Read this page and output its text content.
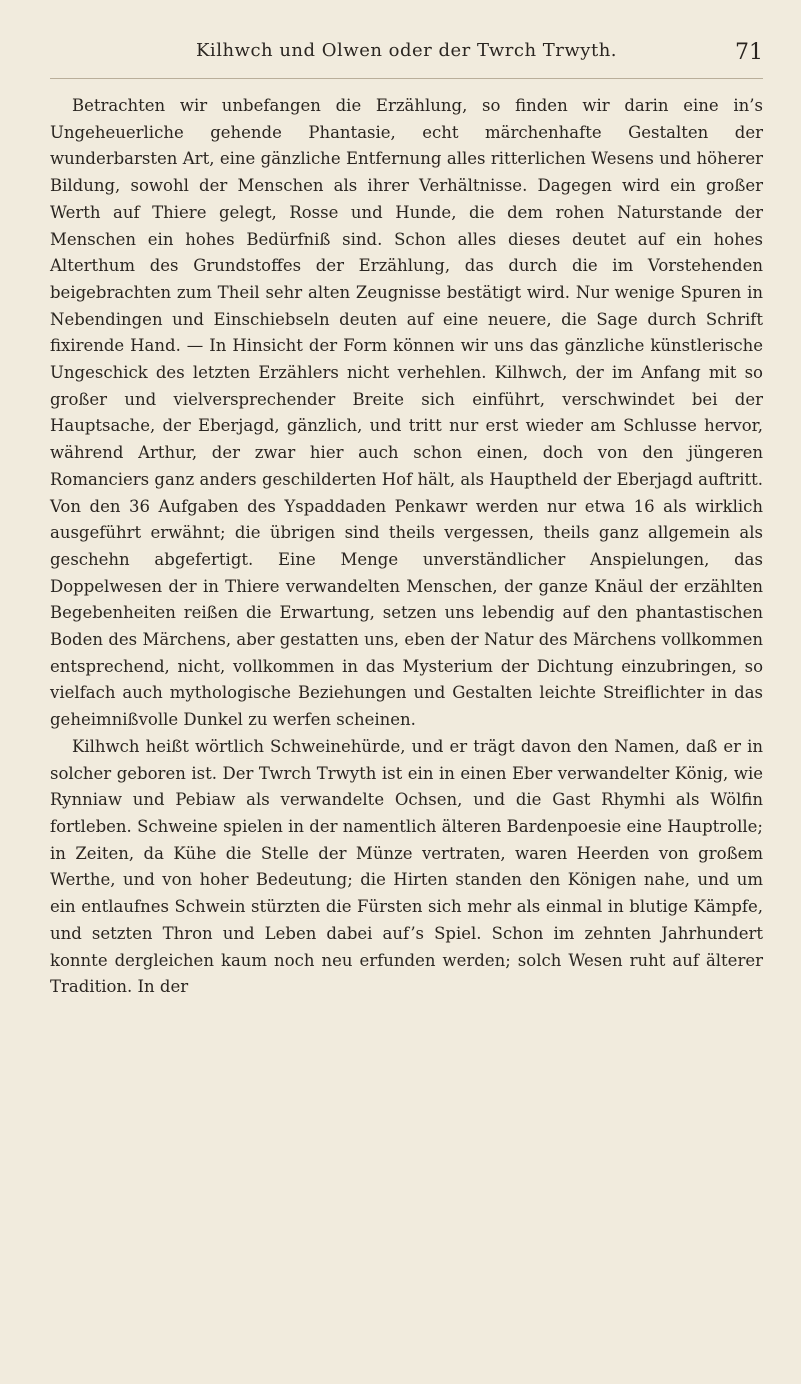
Kilhwch und Olwen oder der Twrch Trwyth.	71

Betrachten wir unbefangen die Erzählung, so finden wir darin eine in’s Ungeheuerliche gehende Phantasie, echt märchenhafte Gestalten der wunderbarsten Art, eine gänzliche Entfernung alles ritterlichen Wesens und höherer Bildung, sowohl der Menschen als ihrer Verhältnisse. Dagegen wird ein großer Werth auf Thiere gelegt, Rosse und Hunde, die dem rohen Naturstande der Menschen ein hohes Bedürfniß sind. Schon alles dieses deutet auf ein hohes Alterthum des Grundstoffes der Erzählung, das durch die im Vorstehenden beigebrachten zum Theil sehr alten Zeugnisse bestätigt wird. Nur wenige Spuren in Nebendingen und Einschiebseln deuten auf eine neuere, die Sage durch Schrift fixirende Hand. — In Hinsicht der Form können wir uns das gänzliche künstlerische Ungeschick des letzten Erzählers nicht verhehlen. Kilhwch, der im Anfang mit so großer und vielversprechender Breite sich einführt, verschwindet bei der Hauptsache, der Eberjagd, gänzlich, und tritt nur erst wieder am Schlusse hervor, während Arthur, der zwar hier auch schon einen, doch von den jüngeren Romanciers ganz anders geschilderten Hof hält, als Hauptheld der Eberjagd auftritt. Von den 36 Aufgaben des Yspaddaden Penkawr werden nur etwa 16 als wirklich ausgeführt erwähnt; die übrigen sind theils vergessen, theils ganz allgemein als geschehn abgefertigt. Eine Menge unverständlicher Anspielungen, das Doppelwesen der in Thiere verwandelten Menschen, der ganze Knäul der erzählten Begebenheiten reißen die Erwartung, setzen uns lebendig auf den phantastischen Boden des Märchens, aber gestatten uns, eben der Natur des Märchens vollkommen entsprechend, nicht, vollkommen in das Mysterium der Dichtung einzubringen, so vielfach auch mythologische Beziehungen und Gestalten leichte Streiflichter in das geheimnißvolle Dunkel zu werfen scheinen.

Kilhwch heißt wörtlich Schweinehürde, und er trägt davon den Namen, daß er in solcher geboren ist. Der Twrch Trwyth ist ein in einen Eber verwandelter König, wie Rynniaw und Pebiaw als verwandelte Ochsen, und die Gast Rhymhi als Wölfin fortleben. Schweine spielen in der namentlich älteren Bardenpoesie eine Hauptrolle; in Zeiten, da Kühe die Stelle der Münze vertraten, waren Heerden von großem Werthe, und von hoher Bedeutung; die Hirten standen den Königen nahe, und um ein entlaufnes Schwein stürzten die Fürsten sich mehr als einmal in blutige Kämpfe, und setzten Thron und Leben dabei auf’s Spiel. Schon im zehnten Jahrhundert konnte dergleichen kaum noch neu erfunden werden; solch Wesen ruht auf älterer Tradition. In der
